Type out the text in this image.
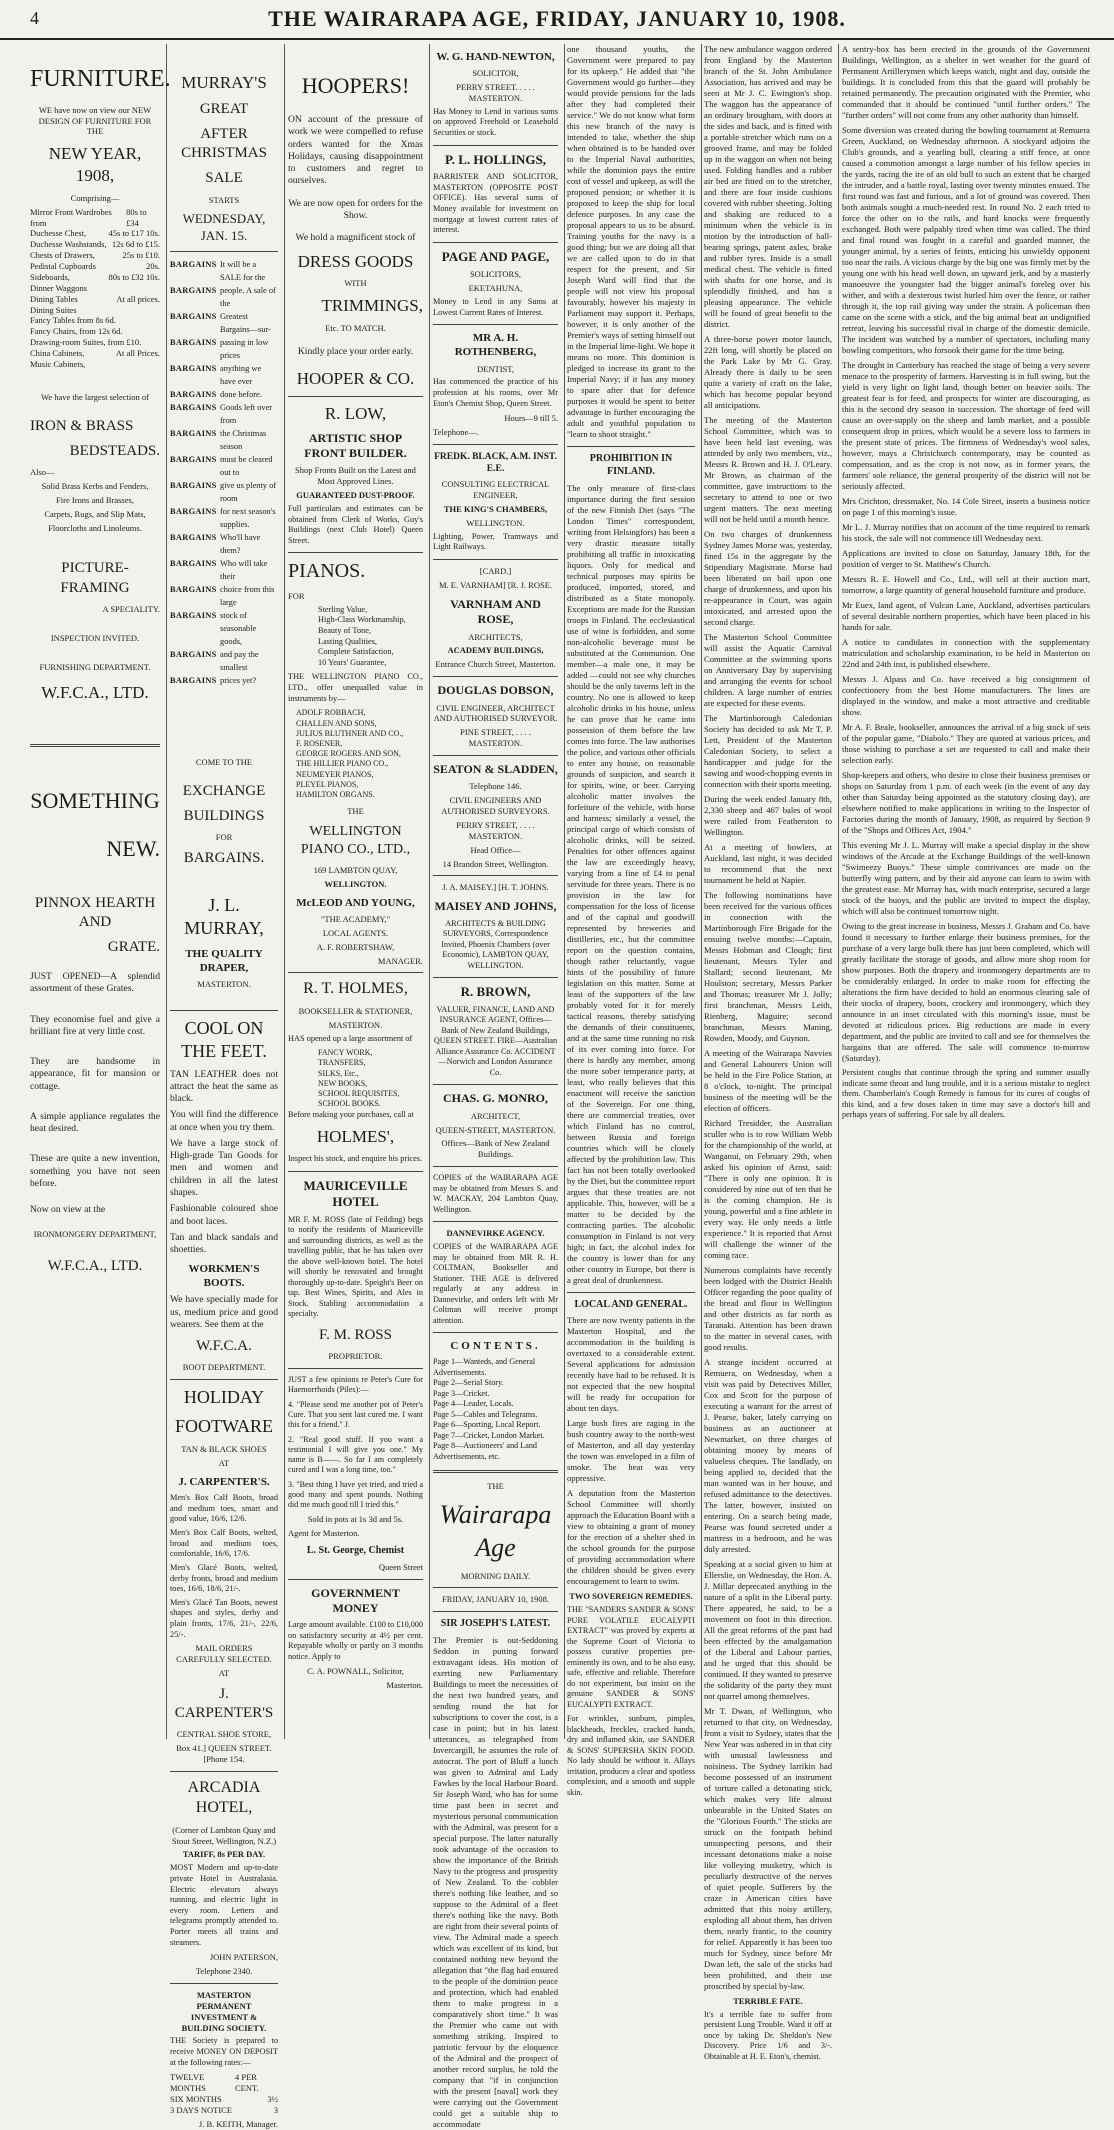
4	THE WAIRARAPA AGE, FRIDAY, JANUARY 10, 1908.
FURNITURE.

WE have now on view our NEW DESIGN OF FURNITURE FOR THE

NEW YEAR, 1908,
Comprising—
Mirror Front Wardrobes from
80s to £34
Duchesse Chest,	45s to £17 10s.
Duchesse Washstands, 12s 6d to £15.
Chests of Drawers,	25s to £10.
Pedistal Cupboards	20s.
Sideboards,	80s to £32 10s.
Dinner Waggons
Dining Tables	At all prices.
Dining Suites
Fancy Tables from 8s 6d.
Fancy Chairs, from 12s 6d.
Drawing-room Suites, from £10.
China Cabinets,	At all Prices.
Music Cabinets,
We have the largest selection of
IRON & BRASS
BEDSTEADS.
Also—
Solid Brass Kerbs and Fenders,
Fire Irons and Brasses,
Carpets, Rugs, and Slip Mats,
Floorcloths and Linoleums.
PICTURE-FRAMING
A SPECIALITY.
INSPECTION INVITED.
FURNISHING DEPARTMENT.
W.F.C.A., LTD.
SOMETHING
NEW.
PINNOX HEARTH AND
GRATE.

JUST OPENED—A splendid assortment of these Grates.

They economise fuel and give a brilliant fire at very little cost.

They are handsome in appearance, fit for mansion or cottage.

A simple appliance regulates the heat desired.

These are quite a new invention, something you have not seen before.

Now on view at the

IRONMONGERY DEPARTMENT,
W.F.C.A., LTD.
MURRAY'S
GREAT
AFTER CHRISTMAS
SALE
STARTS
WEDNESDAY, JAN. 15.
BARGAINS It will be a SALE for the
BARGAINS people. A sale of the
BARGAINS Greatest Bargains—sur-
BARGAINS passing in low prices
BARGAINS anything we have ever
BARGAINS done before.
BARGAINS Goods left over from
BARGAINS the Christmas season
BARGAINS must be cleared out to
BARGAINS give us plenty of room
BARGAINS for next season's supplies.
BARGAINS Who'll have them?
BARGAINS Who will take their
BARGAINS choice from this large
BARGAINS stock of seasonable goods,
BARGAINS and pay the smallest
BARGAINS prices yet?
COME TO THE
EXCHANGE
BUILDINGS
FOR
BARGAINS.
J. L. MURRAY,
THE QUALITY DRAPER,
MASTERTON.
COOL ON THE FEET.

TAN LEATHER does not attract the heat the same as black.

You will find the difference at once when you try them.

We have a large stock of High-grade Tan Goods for men and women and children in all the latest shapes.

Fashionable coloured shoe and boot laces.

Tan and black sandals and shoetties.

WORKMEN'S BOOTS.

We have specially made for us, medium price and good wearers. See them at the

W.F.C.A.
BOOT DEPARTMENT.
HOLIDAY
FOOTWARE
TAN & BLACK SHOES
AT
J. CARPENTER'S.

Men's Box Calf Boots, broad and medium toes, smart and good value, 16/6, 12/6.

Men's Box Calf Boots, welted, broad and medium toes, comfortable, 16/6, 17/6.

Men's Glacé Boots, welted, derby fronts, broad and medium toes, 16/6, 18/6, 21/-.

Men's Glacé Tan Boots, newest shapes and styles, derby and plain fronts, 17/6, 21/-, 22/6, 25/-.

MAIL ORDERS CAREFULLY SELECTED.
AT
J. CARPENTER'S
CENTRAL SHOE STORE,
Box 41.] QUEEN STREET. [Phone 154.
ARCADIA HOTEL,
(Corner of Lambton Quay and Stout Street, Wellington, N.Z.)
TARIFF, 8s PER DAY.

MOST Modern and up-to-date private Hotel in Australasia. Electric elevators always running, and electric light in every room. Letters and telegrams promptly attended to. Porter meets all trains and steamers.

JOHN PATERSON,
Telephone 2340.
MASTERTON PERMANENT INVESTMENT & BUILDING SOCIETY.

THE Society is prepared to receive MONEY ON DEPOSIT at the following rates:—

TWELVE MONTHS
4 PER CENT.
SIX MONTHS	3½
3 DAYS NOTICE	3
J. B. KEITH, Manager.
HOOPERS!

ON account of the pressure of work we were compelled to refuse orders wanted for the Xmas Holidays, causing disappointment to customers and regret to ourselves.

We are now open for orders for the Show.

We hold a magnificent stock of

DRESS GOODS
WITH
TRIMMINGS,
Etc. TO MATCH.

Kindly place your order early.

HOOPER & CO.
R. LOW,
ARTISTIC SHOP FRONT BUILDER.
Shop Fronts Built on the Latest and Most Approved Lines.
GUARANTEED DUST-PROOF.

Full particulars and estimates can be obtained from Clerk of Works, Guy's Buildings (next Club Hotel) Queen Street.

PIANOS.
FOR
Sterling Value,
High-Class Workmanship,
Beauty of Tone,
Lasting Qualities,
Complete Satisfaction,
10 Years' Guarantee,

THE WELLINGTON PIANO CO., LTD., offer unequalled value in instruments by—

ADOLF ROBBACH,
CHALLEN AND SONS,
JULIUS BLUTHNER AND CO.,
F. ROSENER,
GEORGE ROGERS AND SON,
THE HILLIER PIANO CO.,
NEUMEYER PIANOS,
PLEYEL PIANOS,
HAMILTON ORGANS.
THE
WELLINGTON PIANO CO., LTD.,
169 LAMBTON QUAY,
WELLINGTON.
McLEOD AND YOUNG,
"THE ACADEMY,"
LOCAL AGENTS.
A. F. ROBERTSHAW,
MANAGER.
R. T. HOLMES,
BOOKSELLER & STATIONER,
MASTERTON.

HAS opened up a large assortment of

FANCY WORK,
TRANSFERS,
SILKS, Etc.,
NEW BOOKS,
SCHOOL REQUISITES,
SCHOOL BOOKS.

Before making your purchases, call at

HOLMES',

Inspect his stock, and enquire his prices.

MAURICEVILLE HOTEL

MR F. M. ROSS (late of Feilding) begs to notify the residents of Mauriceville and surrounding districts, as well as the travelling public, that he has taken over the above well-known hotel. The hotel will shortly be renovated and brought thoroughly up-to-date. Speight's Beer on tap. Best Wines, Spirits, and Ales in Stock. Stabling accommodation a specialty.

F. M. ROSS
PROPRIETOR.

JUST a few opinions re Peter's Cure for Haemorrhoids (Piles):—

4. "Please send me another pot of Peter's Cure. That you sent last cured me. I want this for a friend." J.

2. "Real good stuff. If you want a testimonial I will give you one." My name is B——. So far I am completely cured and I was a long time, too."

3. "Best thing I have yet tried, and tried a good many and spent pounds. Nothing did me much good till I tried this."

Sold in pots at 1s 3d and 5s.
Agent for Masterton.
L. St. George, Chemist
Queen Street
GOVERNMENT MONEY

Large amount available. £100 to £10,000 on satisfactory security at 4½ per cent. Repayable wholly or partly on 3 months notice. Apply to

C. A. POWNALL, Solicitor,
Masterton.
W. G. HAND-NEWTON,
SOLICITOR,
PERRY STREET. . . . . MASTERTON.

Has Money to Lend in various sums on approved Freehold or Leasehold Securities or stock.

P. L. HOLLINGS,

BARRISTER AND SOLICITOR, MASTERTON (OPPOSITE POST OFFICE). Has several sums of Money available for investment on mortgage at lowest current rates of interest.

PAGE AND PAGE,
SOLICITORS,
EKETAHUNA,

Money to Lend in any Sums at Lowest Current Rates of Interest.

MR A. H. ROTHENBERG,
DENTIST,

Has commenced the practice of his profession at his rooms, over Mr Eton's Chemist Shop, Queen Street.

Hours—9 till 5.
Telephone—.
FREDK. BLACK, A.M. INST. E.E.
CONSULTING ELECTRICAL ENGINEER,
THE KING'S CHAMBERS,
WELLINGTON.

Lighting, Power, Tramways and Light Railways.

[CARD.]
M. E. VARNHAM] [R. J. ROSE.
VARNHAM AND ROSE,
ARCHITECTS,
ACADEMY BUILDINGS,
Entrance Church Street, Masterton.
DOUGLAS DOBSON,
CIVIL ENGINEER, ARCHITECT AND AUTHORISED SURVEYOR.
PINE STREET, . . . . MASTERTON.
SEATON & SLADDEN,
Telephone 146.
CIVIL ENGINEERS AND AUTHORISED SURVEYORS.
PERRY STREET, . . . . MASTERTON.
Head Office—
14 Brandon Street, Wellington.
J. A. MAISEY.] [H. T. JOHNS.
MAISEY AND JOHNS,

ARCHITECTS & BUILDING SURVEYORS, Correspondence Invited, Phoenix Chambers (over Economic), LAMBTON QUAY, WELLINGTON.

R. BROWN,

VALUER, FINANCE, LAND AND INSURANCE AGENT, Offices—Bank of New Zealand Buildings, QUEEN STREET. FIRE—Australian Alliance Assurance Co. ACCIDENT—Norwich and London Assurance Co.

CHAS. G. MONRO,
ARCHITECT,
QUEEN-STREET, MASTERTON.
Offices—Bank of New Zealand Buildings.

COPIES of the WAIRARAPA AGE may be obtained from Messrs S. and W. MACKAY, 204 Lambton Quay, Wellington.

DANNEVIRKE AGENCY.

COPIES of the WAIRARAPA AGE may be obtained from MR R. H. COLTMAN, Bookseller and Stationer. THE AGE is delivered regularly at any address in Dannevirke, and orders left with Mr Coltman will receive prompt attention.

CONTENTS.
Page 1—Wanteds, and General Advertisements.
Page 2—Serial Story.
Page 3—Cricket.
Page 4—Leader, Locals.
Page 5—Cables and Telegrams.
Page 6—Sporting, Local Report.
Page 7—Cricket, London Market.
Page 8—Auctioneers' and Land Advertisements, etc.
THE
Wairarapa Age
MORNING DAILY.
FRIDAY, JANUARY 10, 1908.
SIR JOSEPH'S LATEST.

The Premier is out-Seddoning Seddon in putting forward extravagant ideas. His motion of exerting new Parliamentary Buildings to meet the necessities of the next two hundred years, and sending round the hat for subscriptions to cover the cost, is a case in point; but in his latest utterances, as telegraphed from Invercargill, he assumes the role of autocrat. The port of Bluff a lunch was given to Admiral and Lady Fawkes by the local Harbour Board. Sir Joseph Ward, who has for some time past been in secret and mysterious personal communication with the Admiral, was present for a special purpose. The latter naturally took advantage of the occasion to show the importance of the British Navy to the progress and prosperity of New Zealand. To the cobbler there's nothing like leather, and so suppose to the Admiral of a fleet there's nothing like the navy. Both are right from their several points of view. The Admiral made a speech which was excellent of its kind, but contained nothing new beyond the allegation that "the flag had ensured to the people of the dominion peace and protection, which had enabled them to make progress in a comparatively short time." It was the Premier who came out with something striking. Inspired to patriotic fervour by the eloquence of the Admiral and the prospect of another record surplus, he told the company that "if in conjunction with the present [naval] work they were carrying out the Government could get a suitable ship to accommodate

one thousand youths, the Government were prepared to pay for its upkeep." He added that "the Government would go further—they would provide pensions for the lads after they had completed their service." We do not know what form this new branch of the navy is intended to take, whether the ship when obtained is to be handed over to the Imperial Naval authorities, while the dominion pays the entire cost of vessel and upkeep, as will the proposed pension; or whether it is proposed to keep the ship for local defence purposes. In any case the proposal appears to us to be absurd. Training youths for the navy is a good thing; but we are doing all that we are called upon to do in that respect for the present, and Sir Joseph Ward will find that the people will not view his proposal favourably, however his majesty in Parliament may support it. Perhaps, however, it is only another of the Premier's ways of setting himself out in the Imperial lime-light. We hope it means no more. This dominion is pledged to increase its grant to the Imperial Navy; if it has any money to spare after that for defence purposes it would be spent to better advantage in further encouraging the adult and youthful population to "learn to shoot straight."

PROHIBITION IN FINLAND.

The only measure of first-class importance during the first session of the new Finnish Diet (says "The London Times" correspondent, writing from Helsingfors) has been a very drastic measure totally prohibiting all traffic in intoxicating liquors. Only for medical and technical purposes may spirits be produced, imported, stored, and distributed as a State monopoly. Exceptions are made for the Russian troops in Finland. The ecclesiastical use of wine is forbidden, and some non-alcoholic beverage must be substituted at the Communion. One member—a male one, it may be added —could not see why churches should be the only taverns left in the country. No one is allowed to keep alcoholic drinks in his house, unless he can prove that he came into possession of them before the law comes into force. The law authorises the police, and various other officials to enter any house, on reasonable grounds of suspicion, and search it for spirits, wine, or beer. Carrying alcoholic matter involves the forfeiture of the vehicle, with horse and harness; similarly a vessel, the principal cargo of which consists of alcoholic drinks, will be seized. Penalties for other offences against the law are exceedingly heavy, varying from a fine of £4 to penal servitude for three years. There is no provision in the law for compensation for the loss of license and of the capital and goodwill represented by breweries and distilleries, etc., but the committee report on the question contains, though rather reluctantly, vague hints of the possibility of future legislation on this matter. Some at least of the supporters of the law probably voted for it for merely tactical reasons, thereby satisfying the demands of their constituents, and at the same time running no risk of its ever coming into force. For there is hardly any member, among the more sober temperance party, at least, who really believes that this enactment will receive the sanction of the Sovereign. For one thing, there are commercial treaties, over which Finland has no control, between Russia and foreign countries which will be closely affected by the prohibition law. This fact has not been totally overlooked by the Diet, but the committee report argues that these treaties are not applicable. This, however, will be a matter to be decided by the contracting parties. The alcoholic consumption in Finland is not very high; in fact, the alcohol index for the country is lower than for any other country in Europe, but there is a great deal of drunkenness.

LOCAL AND GENERAL.

There are now twenty patients in the Masterton Hospital, and the accommodation in the building is overtaxed to a considerable extent. Several applications for admission recently have had to be refused. It is not expected that the new hospital will be ready for occupation for about ten days.

Large bush fires are raging in the bush country away to the north-west of Masterton, and all day yesterday the town was enveloped in a film of smoke. The heat was very oppressive.

A deputation from the Masterton School Committee will shortly approach the Education Board with a view to obtaining a grant of money for the erection of a shelter shed in the school grounds for the purpose of providing accommodation where the children should be given every encouragement to learn to swim.

TWO SOVEREIGN REMEDIES.

THE "SANDERS SANDER & SONS' PURE VOLATILE EUCALYPTI EXTRACT" was proved by experts at the Supreme Court of Victoria to possess curative properties pre-eminently its own, and to be also easy, safe, effective and reliable. Therefore do not experiment, but insist on the genuine SANDER & SONS' EUCALYPTI EXTRACT.

For wrinkles, sunburn, pimples, blackheads, freckles, cracked hands, dry and inflamed skin, use SANDER & SONS' SUPERSHA SKIN FOOD. No lady should be without it. Allays irritation, produces a clear and spotless complexion, and a smooth and supple skin.

The new ambulance waggon ordered from England by the Masterton branch of the St. John Ambulance Association, has arrived and may be seen at Mr J. C. Ewington's shop. The waggon has the appearance of an ordinary brougham, with doors at the sides and back, and is fitted with a portable stretcher which runs on a grooved frame, and may be folded up in the waggon on when not being used. Folding handles and a rubber air bed are fitted on to the stretcher, and there are four inside cushions covered with rubber sheeting. Jolting and shaking are reduced to a minimum when the vehicle is in motion by the introduction of ball-bearing springs, patent axles, brake and rubber tyres. Inside is a small medical chest. The vehicle is fitted with shafts for one horse, and is splendidly finished, and has a pleasing appearance. The vehicle will be found of great benefit to the district.

A three-horse power motor launch, 22ft long, will shortly be placed on the Park Lake by Mr G. Gray. Already there is daily to be seen quite a variety of craft on the lake, which has become popular beyond all anticipations.

The meeting of the Masterton School Committee, which was to have been held last evening, was attended by only two members, viz., Messrs R. Brown and H. J. O'Leary. Mr Brown, as chairman of the committee, gave instructions to the secretary to attend to one or two urgent matters. The next meeting will not be held until a month hence.

On two charges of drunkenness Sydney James Morse was, yesterday, fined 15s in the aggregate by the Stipendiary Magistrate. Morse had been liberated on bail upon one charge of drunkenness, and upon his re-appearance in Court, was again intoxicated, and arrested upon the second charge.

The Masterton School Committee will assist the Aquatic Carnival Committee at the swimming sports on Anniversary Day by supervising and arranging the events for school children. A large number of entries are expected for these events.

The Martinborough Caledonian Society has decided to ask Mr T. P. Lett, President of the Masterton Caledonian Society, to select a handicapper and judge for the sawing and wood-chopping events in connection with their sports meeting.

During the week ended January 8th, 2,330 sheep and 467 bales of wool were railed from Featherston to Wellington.

At a meeting of bowlers, at Auckland, last night, it was decided to recommend that the next tournament be held at Napier.

The following nominations have been received for the various offices in connection with the Martinborough Fire Brigade for the ensuing twelve months:—Captain, Messrs Hobman and Clough; first lieutenant, Messrs Tyler and Stallard; second lieutenant, Mr Houlston; secretary, Messrs Parker and Thomas; treasurer Mr J. Jolly; first branchman, Messrs Leith, Rienberg, Maguire; second branchman, Messrs Maning, Rowden, Moody, and Guynon.

A meeting of the Wairarapa Navvies and General Labourers Union will be held in the Fire Police Station, at 8 o'clock, to-night. The principal business of the meeting will be the election of officers.

Richard Tresidder, the Australian sculler who is to row William Webb for the championship of the world, at Wanganui, on February 29th, when asked his opinion of Arnst, said: "There is only one opinion. It is considered by nine out of ten that he is the coming champion. He is young, powerful and a fine athlete in every way. He only needs a little experience." It is reported that Arnst will challenge the winner of the coming race.

Numerous complaints have recently been lodged with the District Health Officer regarding the poor quality of the bread and flour in Wellington and other districts as far north as Taranaki. Attention has been drawn to the matter in several cases, with good results.

A strange incident occurred at Remuera, on Wednesday, when a visit was paid by Detectives Miller, Cox and Scott for the purpose of executing a warrant for the arrest of J. Pearse, baker, lately carrying on business as an auctioneer at Newmarket, on three charges of obtaining money by means of valueless cheques. The landlady, on being applied to, decided that the man wanted was in her house, and refused admittance to the detectives. The latter, however, insisted on entering. On a search being made, Pearse was found secreted under a mattress in a bedroom, and he was duly arrested.

Speaking at a social given to him at Ellerslie, on Wednesday, the Hon. A. J. Millar deprecated anything in the nature of a split in the Liberal party. There appeared, he said, to be a movement on foot in this direction. All the great reforms of the past had been effected by the amalgamation of the Liberal and Labour parties, and he urged that this should be continued. If they wanted to preserve the solidarity of the party they must not quarrel among themselves.

Mr T. Dwan, of Wellington, who returned to that city, on Wednesday, from a visit to Sydney, states that the New Year was ushered in in that city with unusual lawlessness and noisiness. The Sydney larrikin had become possessed of an instrument of torture called a detonating stick, which makes very life almost unbearable in the United States on the "Glorious Fourth." The sticks are struck on the footpath behind unsuspecting persons, and their incessant detonations make a noise like volleying musketry, which is peculiarly destructive of the nerves of quiet people. Sufferers by the craze in American cities have admitted that this noisy artillery, exploding all about them, has driven them, nearly frantic, to the country for relief. Apparently it has been too much for Sydney, since before Mr Dwan left, the sale of the sticks had been prohibited, and their use proscribed by special by-law.

TERRIBLE FATE.

It's a terrible fate to suffer from persistent Lung Trouble. Ward it off at once by taking Dr. Sheldon's New Discovery. Price 1/6 and 3/-. Obtainable at H. E. Eton's, chemist.

A sentry-box has been erected in the grounds of the Government Buildings, Wellington, as a shelter in wet weather for the guard of Permanent Artillerymen which keeps watch, night and day, outside the buildings. It is concluded from this that the guard will probably be retained permanently. The precaution originated with the Premier, who commanded that it should be continued "until further orders." The "further orders" will not come from any other authority than himself.

Some diversion was created during the bowling tournament at Remuera Green, Auckland, on Wednesday afternoon. A stockyard adjoins the Club's grounds, and a yearling bull, clearing a stiff fence, at once caused a commotion amongst a large number of his fellow species in the yards, racing the ire of an old bull to such an extent that he charged the intruder, and a battle royal, lasting over twenty minutes ensued. The first round was fast and furious, and a lot of ground was covered. Then both animals sought a much-needed rest. In round No. 2 each tried to force the other on to the rails, and hard knocks were frequently exchanged. Both were palpably tired when time was called. The third and final round was fought in a careful and guarded manner, the younger animal, by a series of feints, enticing his unwieldy opponent too near the rails. A vicious charge by the big one was firmly met by the young one with his head well down, an upward jerk, and by a masterly manoeuvre the youngster had the bigger animal's foreleg over his wither, and with a dexterous twist hurled him over the fence, or rather through it, the top rail giving way under the strain. A policeman then came on the scene with a stick, and the big animal beat an undignified retreat, leaving his successful rival in charge of the domestic demicile. The incident was watched by a number of spectators, including many bowling competitors, who forsook their game for the time being.

The drought in Canterbury has reached the stage of being a very severe menace to the prosperity of farmers. Harvesting is in full swing, but the yield is very light on light land, though better on heavier soils. The greatest fear is for feed, and prospects for winter are discouraging, as this is the second dry season in succession. The shortage of feed will cause an over-supply on the sheep and lamb market, and a possible consequent drop in prices, which would be a severe loss to farmers in the present state of prices. The firmness of Wednesday's wool sales, however, mays a Christchurch contemporary, may be counted as compensation, and as the crop is not now, as in former years, the farmers' sole reliance, the general prosperity of the district will not be seriously affected.

Mrs Crichton, dressmaker, No. 14 Cole Street, inserts a business notice on page 1 of this morning's issue.

Mr L. J. Murray notifies that on account of the time required to remark his stock, the sale will not commence till Wednesday next.

Applications are invited to close on Saturday, January 18th, for the position of verger to St. Matthew's Church.

Messrs R. E. Howell and Co., Ltd., will sell at their auction mart, tomorrow, a large quantity of general household furniture and produce.

Mr Euex, land agent, of Vulcan Lane, Auckland, advertises particulars of several desirable northern properties, which have been placed in his hands for sale.

A notice to candidates in connection with the supplementary matriculation and scholarship examination, to be held in Masterton on 22nd and 24th inst, is published elsewhere.

Messrs J. Alpass and Co. have received a big consignment of confectionery from the best Home manufacturers. The lines are displayed in the window, and make a most attractive and creditable show.

Mr A. F. Beale, bookseller, announces the arrival of a big stock of sets of the popular game, "Diabolo." They are quoted at various prices, and those wishing to purchase a set are requested to call and make their selection early.

Shop-keepers and others, who desire to close their business premises or shops on Saturday from 1 p.m. of each week (in the event of any day other than Saturday being appointed as the statutory closing day), are elsewhere notified to make applications in writing to the Inspector of Factories during the month of January, 1908, as required by Section 9 of the "Shops and Offices Act, 1904."

This evening Mr J. L. Murray will make a special display in the show windows of the Arcade at the Exchange Buildings of the well-known "Swimeezy Buoys." These simple contrivances are made on the butterfly wing pattern, and by their aid anyone can learn to swim with the greatest ease. Mr Murray has, with much enterprise, secured a large stock of the buoys, and the public are invited to inspect the display, which will also be continued tomorrow night.

Owing to the great increase in business, Messrs J. Graham and Co. have found it necessary to further enlarge their business premises, for the purchase of a very large bulk there has just been completed, which will greatly facilitate the storage of goods, and allow more shop room for show purposes. Both the drapery and ironmongery departments are to be considerably enlarged. In order to make room for effecting the alterations the firm have decided to hold an enormous clearing sale of their stocks of drapery, boots, crockery and ironmongery, which they announce in an inset circulated with this morning's issue, must be devoted at ridiculous prices. Big reductions are made in every department, and the public are invited to call and see for themselves the bargains that are offered. The sale will commence to-morrow (Saturday).

Persistent coughs that continue through the spring and summer usually indicate some throat and lung trouble, and it is a serious mistake to neglect them. Chamberlain's Cough Remedy is famous for its cures of coughs of this kind, and a few doses taken in time may save a doctor's bill and perhaps years of suffering. For sale by all dealers.
